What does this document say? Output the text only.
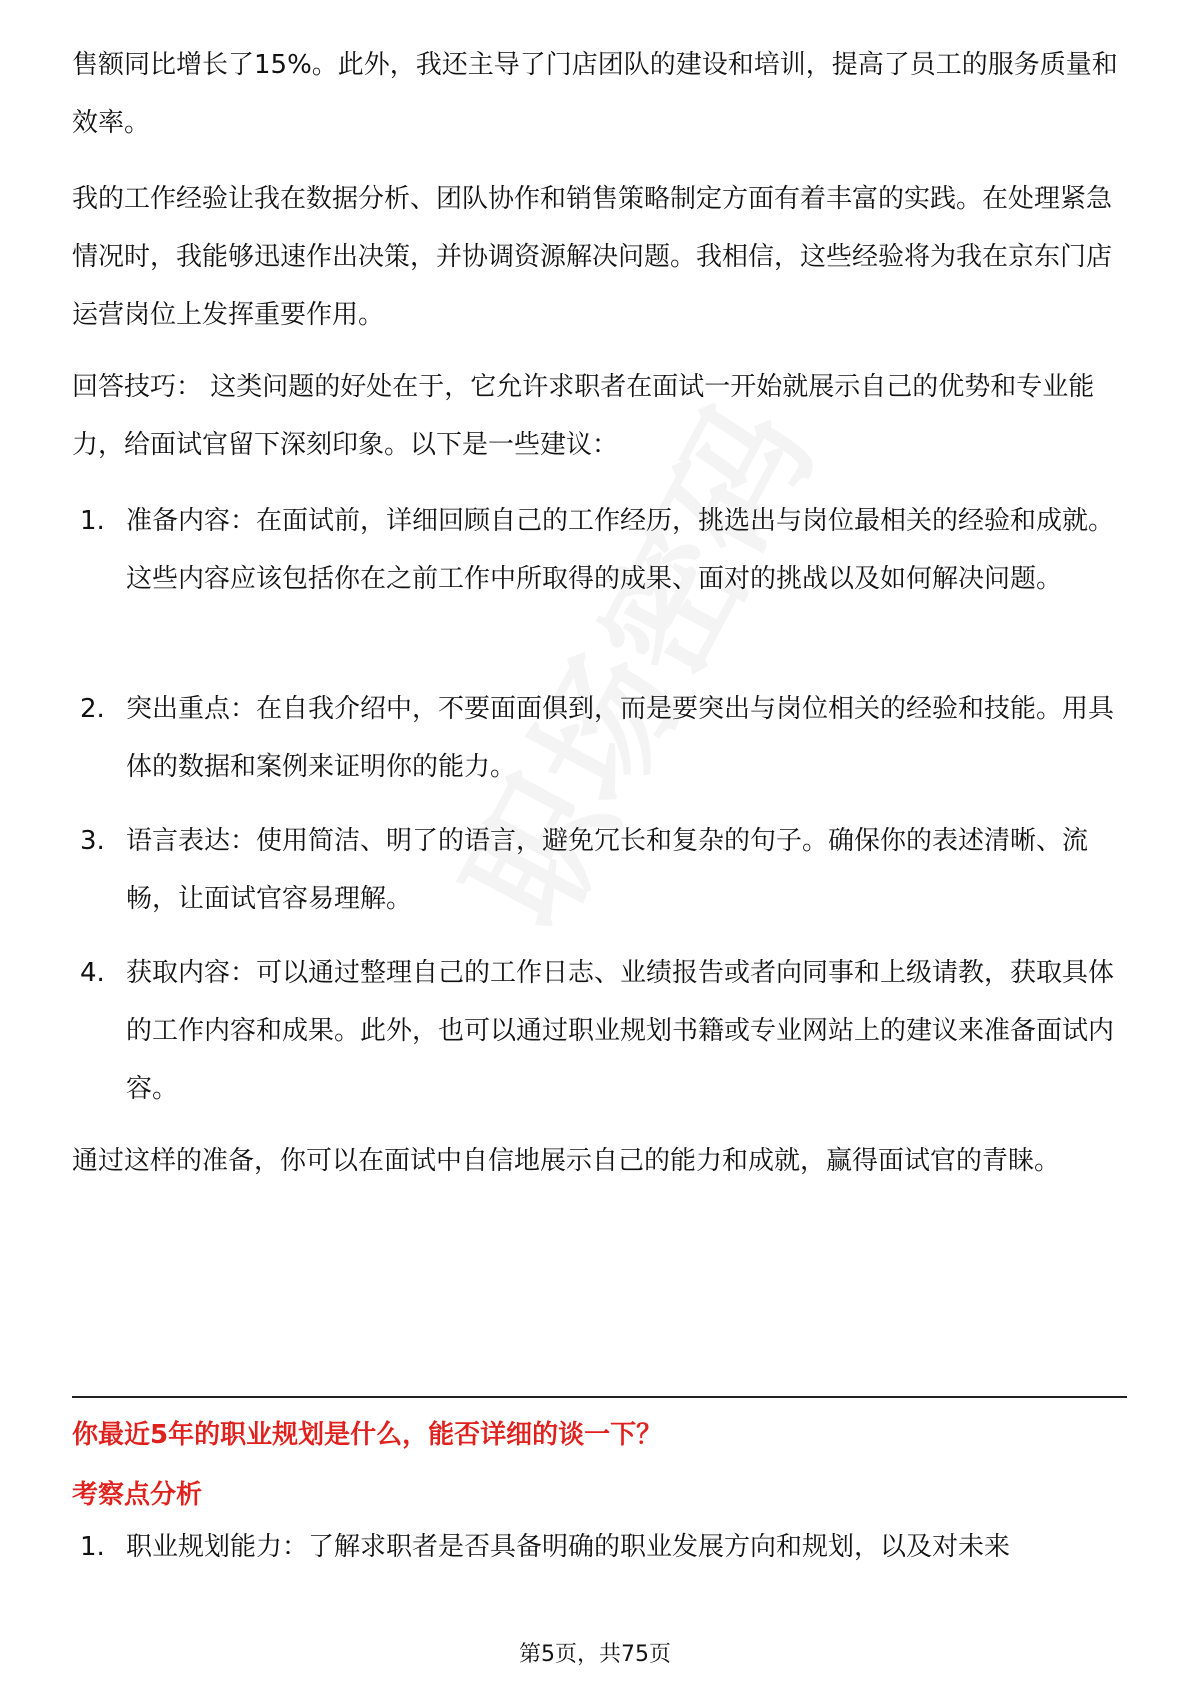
售额同比增长了15%。此外，我还主导了门店团队的建设和培训，提高了员工的服务质量和效率。

我的工作经验让我在数据分析、团队协作和销售策略制定方面有着丰富的实践。在处理紧急情况时，我能够迅速作出决策，并协调资源解决问题。我相信，这些经验将为我在京东门店运营岗位上发挥重要作用。

回答技巧： 这类问题的好处在于，它允许求职者在面试一开始就展示自己的优势和专业能力，给面试官留下深刻印象。以下是一些建议：

1. 准备内容：在面试前，详细回顾自己的工作经历，挑选出与岗位最相关的经验和成就。这些内容应该包括你在之前工作中所取得的成果、面对的挑战以及如何解决问题。
2. 突出重点：在自我介绍中，不要面面俱到，而是要突出与岗位相关的经验和技能。用具体的数据和案例来证明你的能力。
3. 语言表达：使用简洁、明了的语言，避免冗长和复杂的句子。确保你的表述清晰、流畅，让面试官容易理解。
4. 获取内容：可以通过整理自己的工作日志、业绩报告或者向同事和上级请教，获取具体的工作内容和成果。此外，也可以通过职业规划书籍或专业网站上的建议来准备面试内容。

通过这样的准备，你可以在面试中自信地展示自己的能力和成就，赢得面试官的青睐。

你最近5年的职业规划是什么，能否详细的谈一下？
考察点分析
1. 职业规划能力：了解求职者是否具备明确的职业发展方向和规划，以及对未来
第5页，共75页
